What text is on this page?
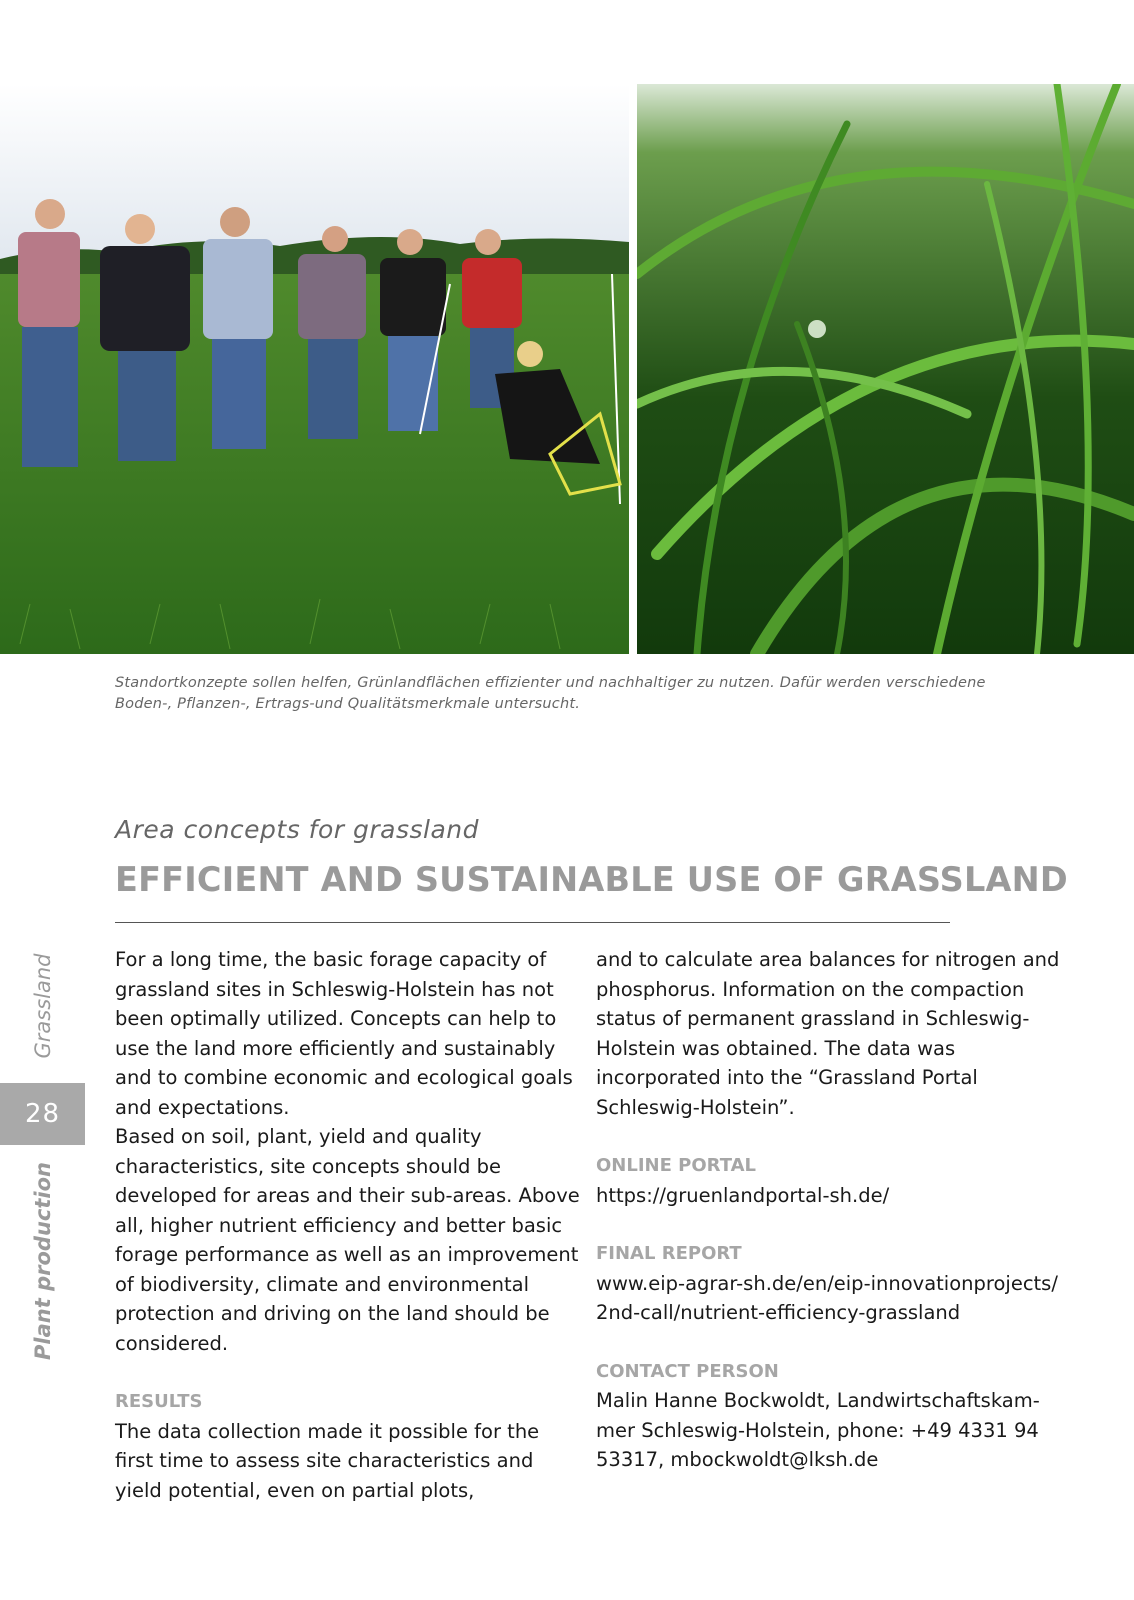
Standortkonzepte sollen helfen, Grünlandflächen effizienter und nachhaltiger zu nutzen. Dafür werden verschiedene Boden-, Pflanzen-, Ertrags-und Qualitätsmerkmale untersucht.
Area concepts for grassland
EFFICIENT AND SUSTAINABLE USE OF GRASSLAND

For a long time, the basic forage capacity of grassland sites in Schleswig-Holstein has not been optimally utilized. Concepts can help to use the land more efficiently and sustainably and to combine economic and ecological goals and expectations.

Based on soil, plant, yield and quality characteristics, site concepts should be developed for areas and their sub-areas. Above all, higher nutrient efficiency and better basic forage performance as well as an improvement of biodiversity, climate and environmental protection and driving on the land should be considered.

RESULTS

The data collection made it possible for the first time to assess site characteristics and yield potential, even on partial plots,

and to calculate area balances for nitrogen and phosphorus. Information on the compaction status of permanent grassland in Schleswig-Holstein was obtained. The data was incorporated into the “Grassland Portal Schleswig-Holstein”.

ONLINE PORTAL

https://gruenlandportal-sh.de/

FINAL REPORT

www.eip-agrar-sh.de/en/eip-innovationprojects/

2nd-call/nutrient-efficiency-grassland

CONTACT PERSON

Malin Hanne Bockwoldt, Landwirtschaftskam-mer Schleswig-Holstein, phone: +49 4331 94 53317, mbockwoldt@lksh.de

Grassland
28
Plant production
